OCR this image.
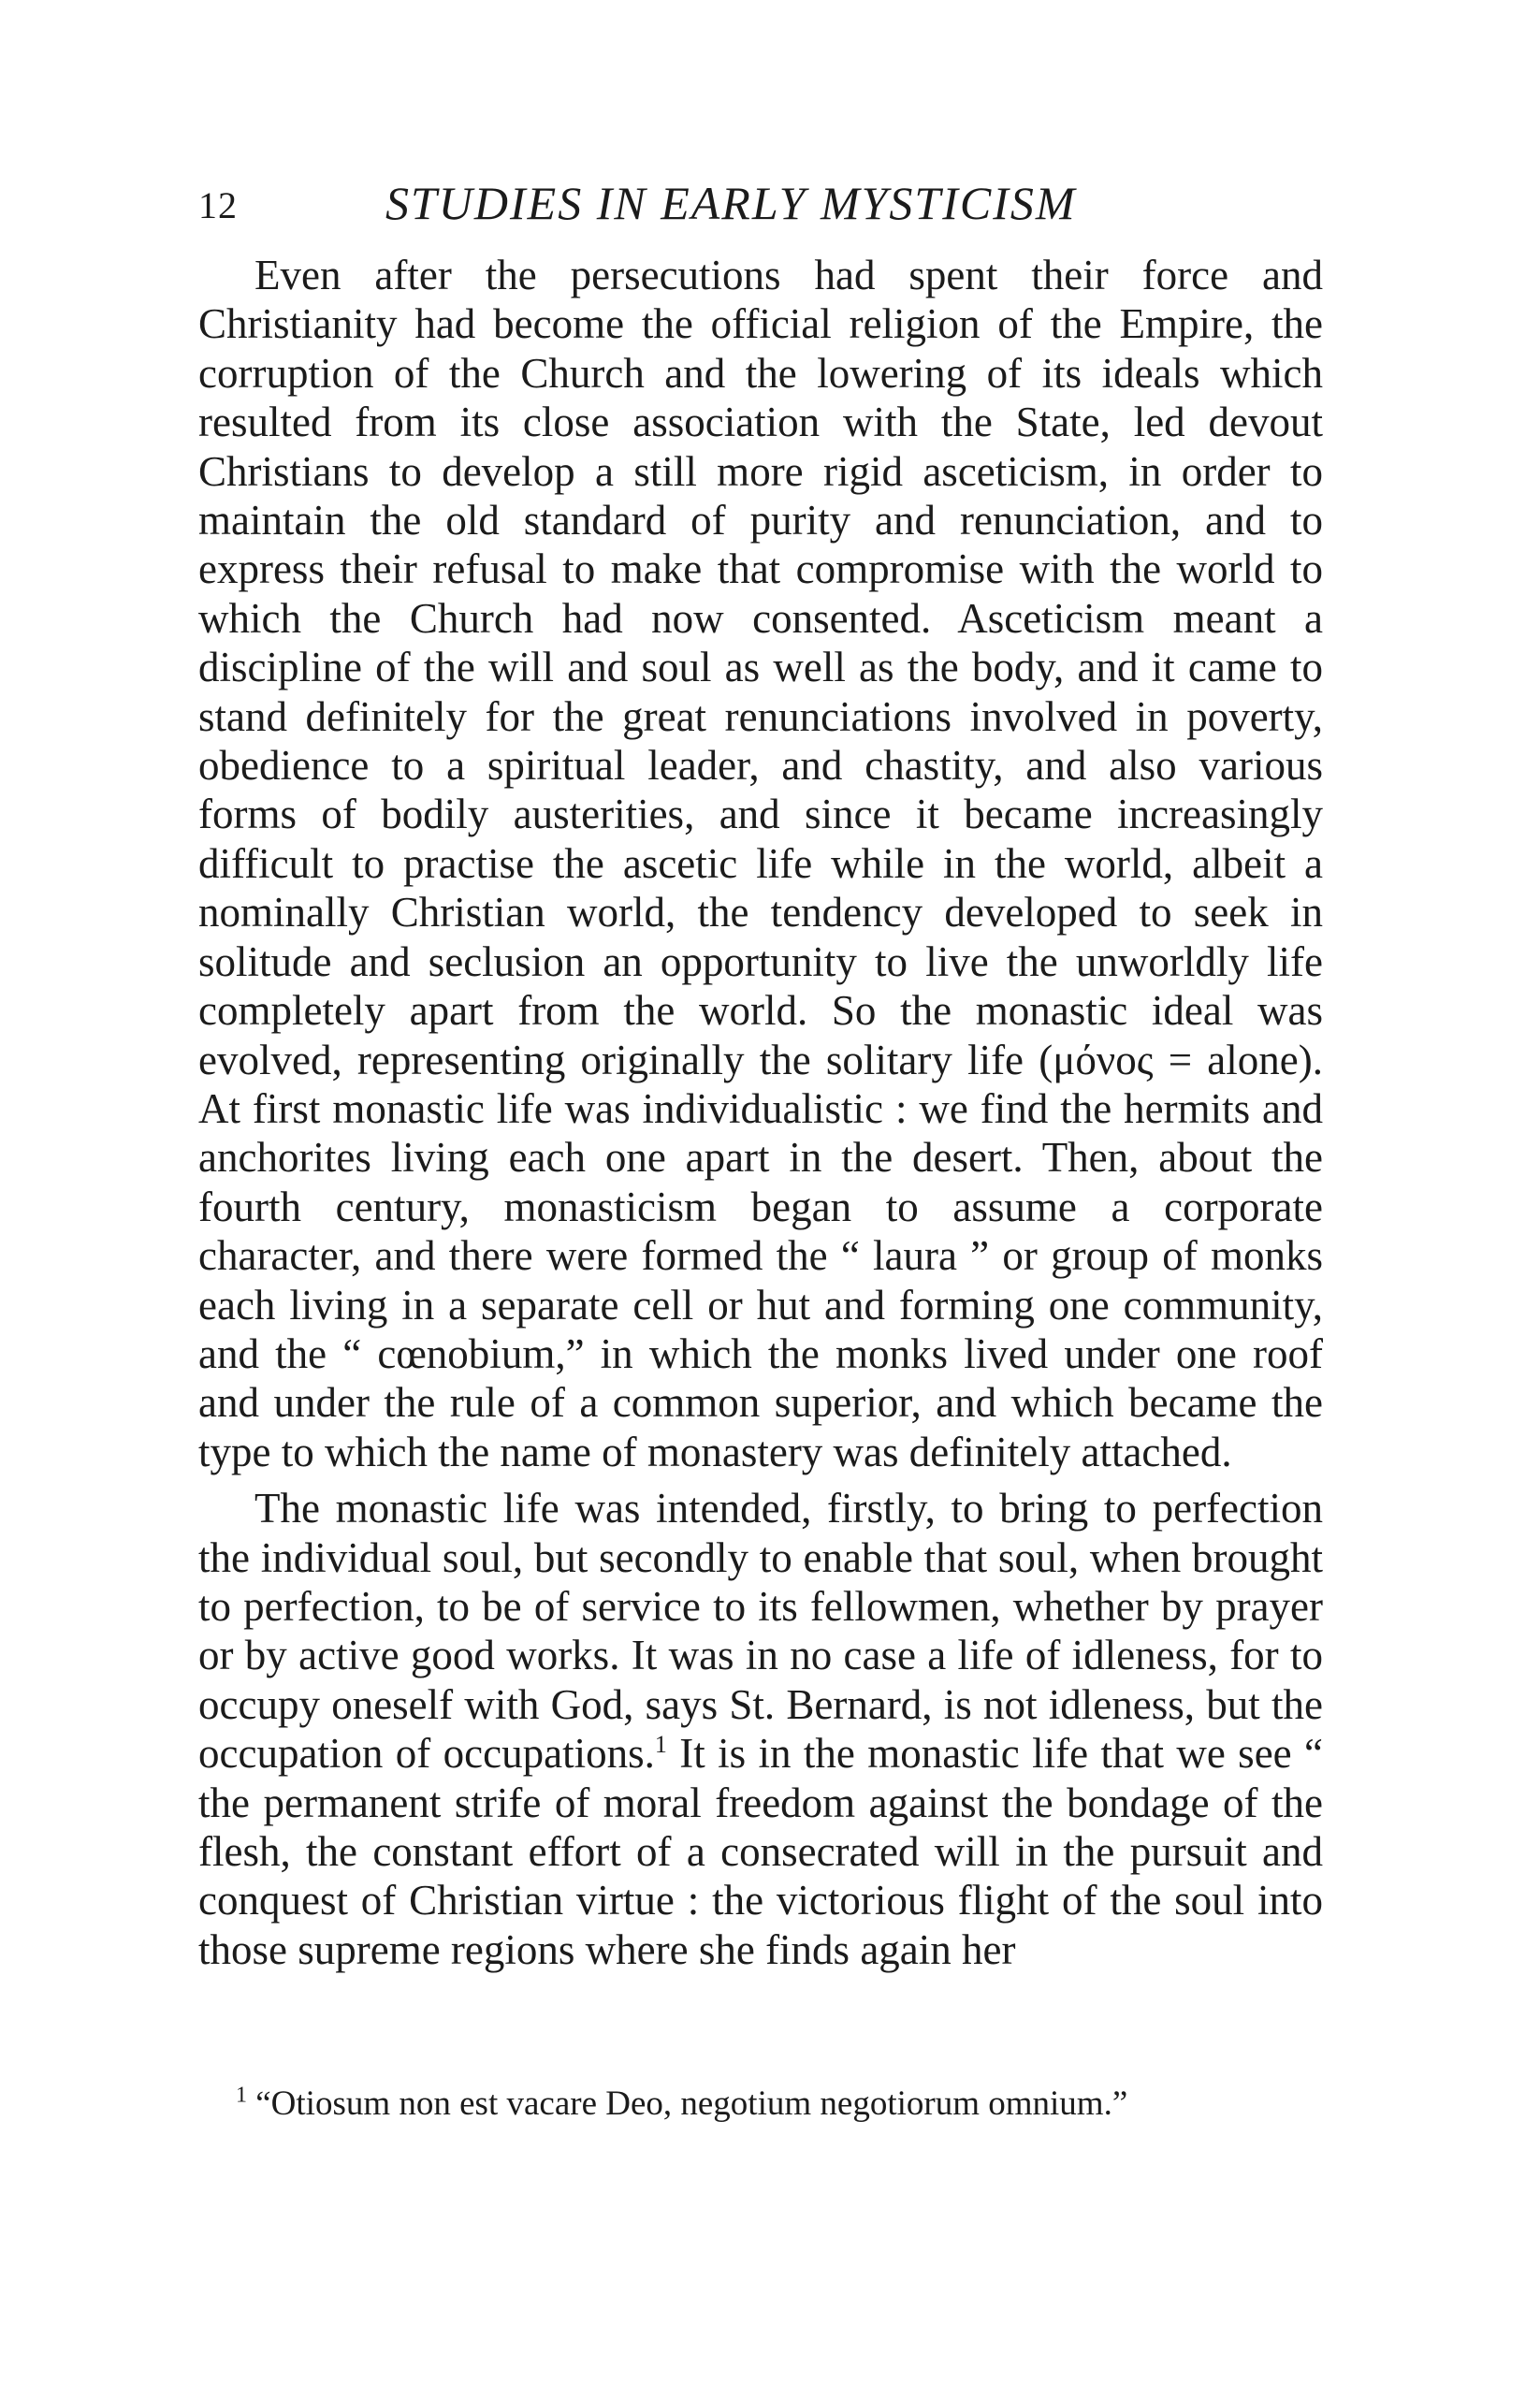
12	STUDIES IN EARLY MYSTICISM

Even after the persecutions had spent their force and Christianity had become the official religion of the Empire, the corruption of the Church and the lowering of its ideals which resulted from its close association with the State, led devout Christians to develop a still more rigid asceticism, in order to maintain the old standard of purity and renunciation, and to express their refusal to make that compromise with the world to which the Church had now consented. Asceticism meant a discipline of the will and soul as well as the body, and it came to stand definitely for the great renunciations involved in poverty, obedience to a spiritual leader, and chastity, and also various forms of bodily austerities, and since it became increasingly difficult to practise the ascetic life while in the world, albeit a nominally Christian world, the tendency developed to seek in solitude and seclusion an opportunity to live the unworldly life completely apart from the world. So the monastic ideal was evolved, representing originally the solitary life (μόνος = alone). At first monastic life was individualistic : we find the hermits and anchorites living each one apart in the desert. Then, about the fourth century, monasticism began to assume a corporate character, and there were formed the “ laura ” or group of monks each living in a separate cell or hut and forming one community, and the “ cœnobium,” in which the monks lived under one roof and under the rule of a common superior, and which became the type to which the name of monastery was definitely attached.

The monastic life was intended, firstly, to bring to perfection the individual soul, but secondly to enable that soul, when brought to perfection, to be of service to its fellowmen, whether by prayer or by active good works. It was in no case a life of idleness, for to occupy oneself with God, says St. Bernard, is not idleness, but the occupation of occupations.$^1$ It is in the monastic life that we see “ the permanent strife of moral freedom against the bondage of the flesh, the constant effort of a consecrated will in the pursuit and conquest of Christian virtue : the victorious flight of the soul into those supreme regions where she finds again her

$^1$ “Otiosum non est vacare Deo, negotium negotiorum omnium.”
